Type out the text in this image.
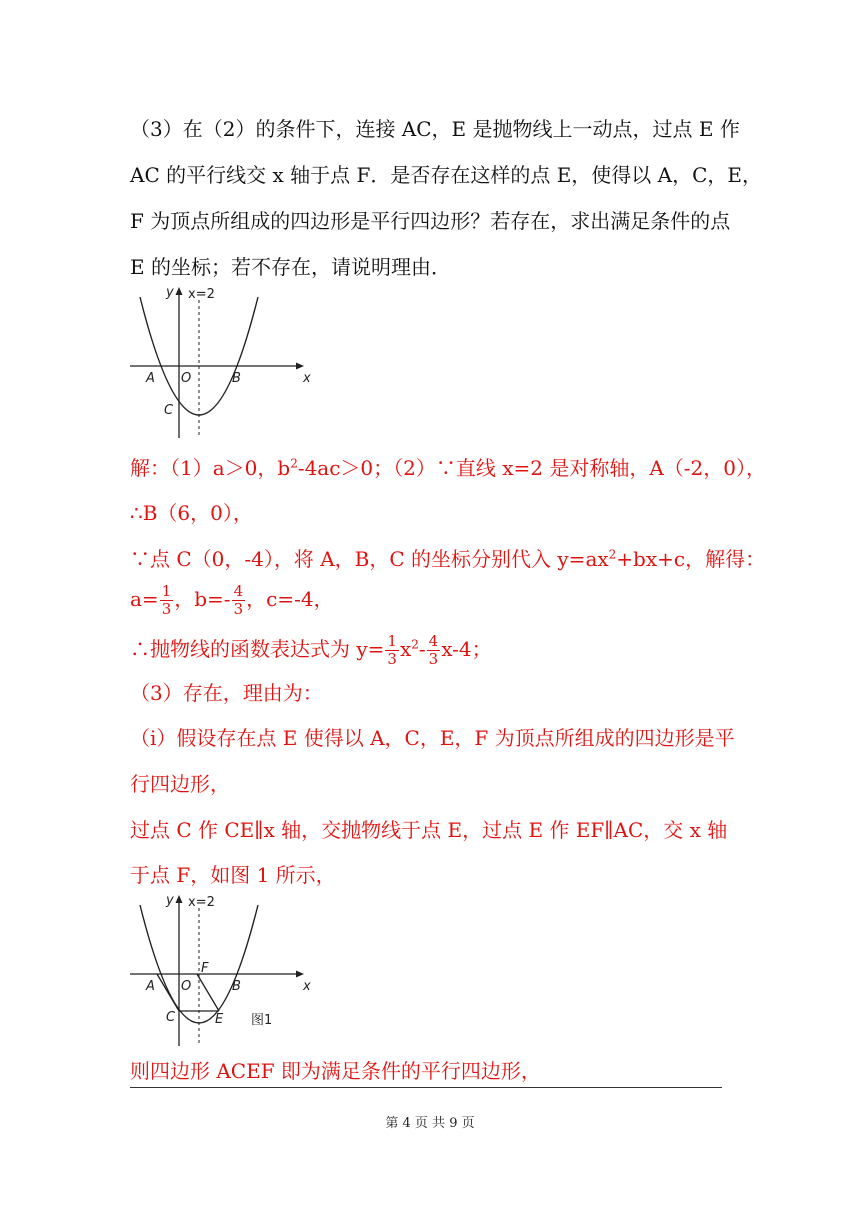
（3）在（2）的条件下，连接 AC，E 是抛物线上一动点，过点 E 作
AC 的平行线交 x 轴于点 F．是否存在这样的点 E，使得以 A，C，E，
F 为顶点所组成的四边形是平行四边形？若存在，求出满足条件的点
E 的坐标；若不存在，请说明理由．
y x=2
x
A O	B
C
解：（1）a＞0，$b^2-4ac>0$；（2）∵直线 x=2 是对称轴，A（-2，0），
∴B（6，0），
∵点 C（0，-4），将 A，B，C 的坐标分别代入 $y=ax^2+bx+c$，解得：
$a= \frac{1}{3}$ ，$b=- \frac{4}{3}$ ，c=-4，
∴抛物线的函数表达式为 $y= \frac{1}{3} x^2- \frac{4}{3} x-4$；
（3）存在，理由为：
（i）假设存在点 E 使得以 A，C，E，F 为顶点所组成的四边形是平
行四边形，
过点 C 作 CE∥x 轴，交抛物线于点 E，过点 E 作 EF∥AC，交 x 轴
于点 F，如图 1 所示，
y x=2
x
A O	B
C
F
E 图1
则四边形 ACEF 即为满足条件的平行四边形，
第 4 页 共 9 页
